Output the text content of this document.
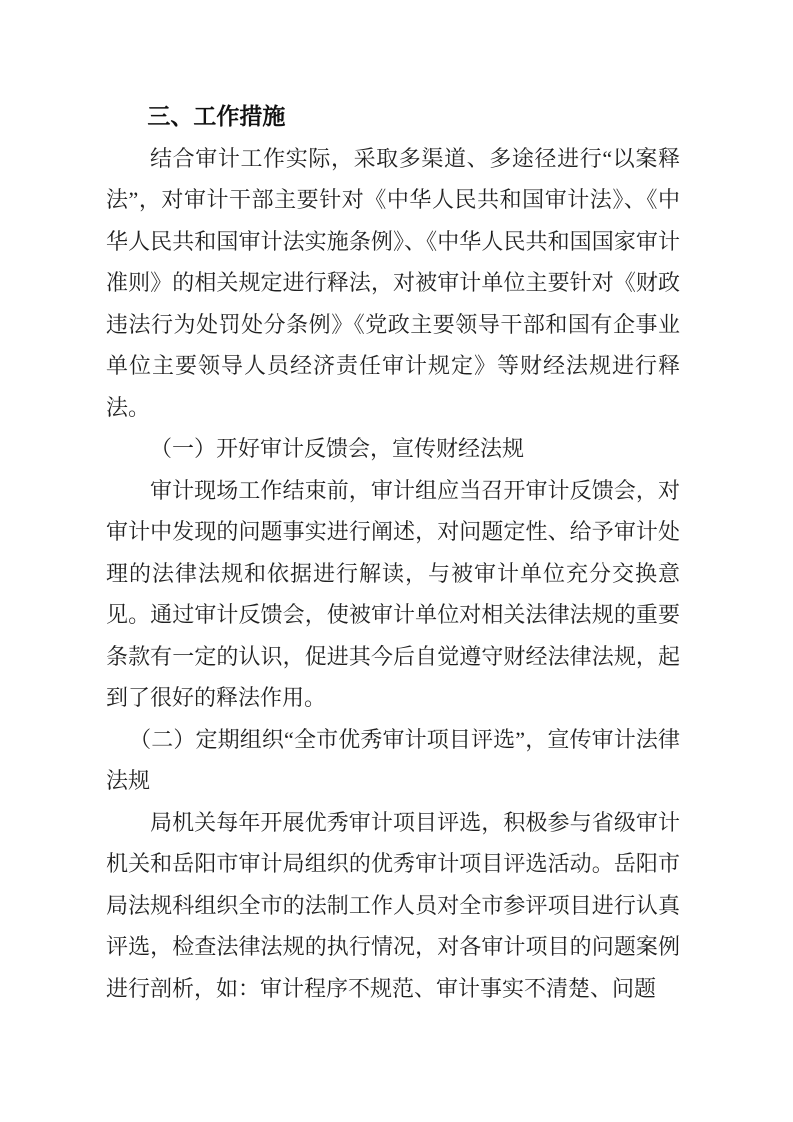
三、工作措施

结合审计工作实际，采取多渠道、多途径进行“以案释法”，对审计干部主要针对《中华人民共和国审计法》、《中华人民共和国审计法实施条例》、《中华人民共和国国家审计准则》的相关规定进行释法，对被审计单位主要针对《财政违法行为处罚处分条例》《党政主要领导干部和国有企事业单位主要领导人员经济责任审计规定》等财经法规进行释法。

（一）开好审计反馈会，宣传财经法规

审计现场工作结束前，审计组应当召开审计反馈会，对审计中发现的问题事实进行阐述，对问题定性、给予审计处理的法律法规和依据进行解读，与被审计单位充分交换意见。通过审计反馈会，使被审计单位对相关法律法规的重要条款有一定的认识，促进其今后自觉遵守财经法律法规，起到了很好的释法作用。

（二）定期组织“全市优秀审计项目评选”，宣传审计法律法规

局机关每年开展优秀审计项目评选，积极参与省级审计机关和岳阳市审计局组织的优秀审计项目评选活动。岳阳市局法规科组织全市的法制工作人员对全市参评项目进行认真评选，检查法律法规的执行情况，对各审计项目的问题案例进行剖析，如：审计程序不规范、审计事实不清楚、问题
